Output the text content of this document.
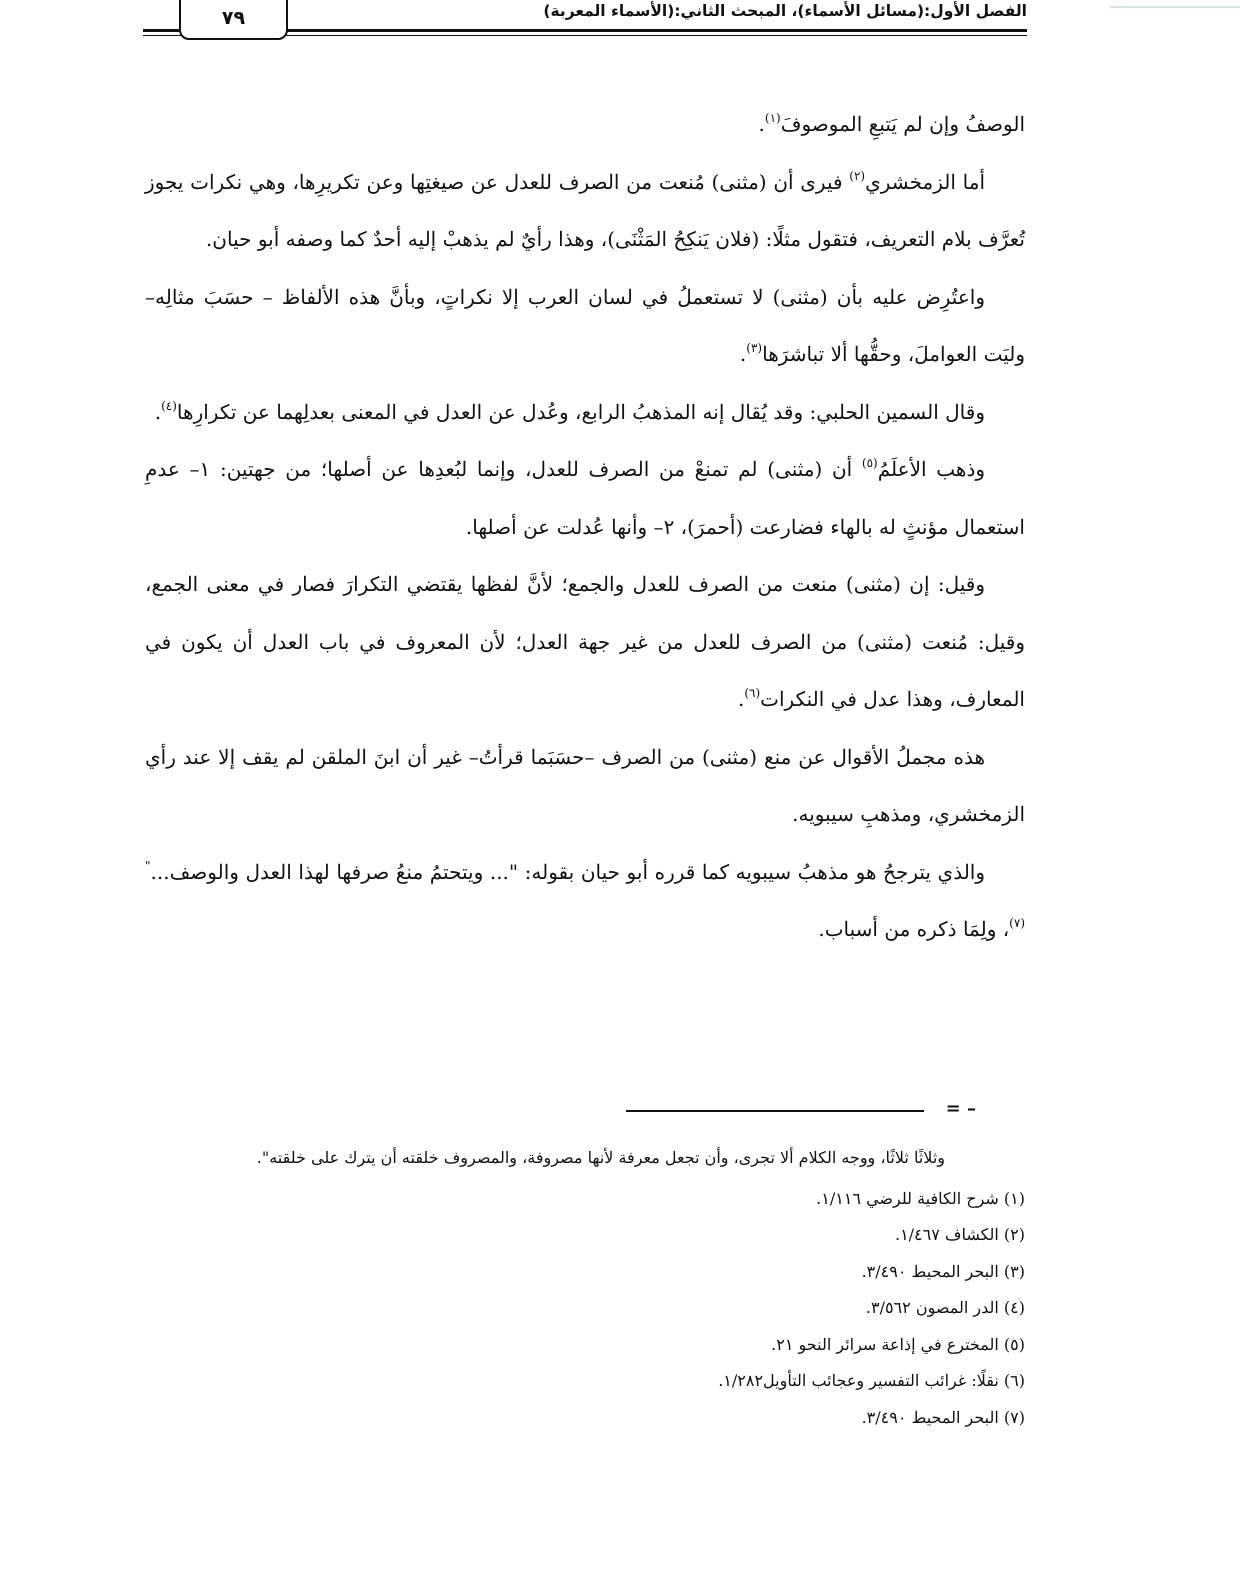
الفصل الأول:(مسائل الأسماء)، المبحث الثاني:(الأسماء المعربة)
٧٩

الوصفُ وإن لم يَتبعِ الموصوفَ$^{(١)}$.

أما الزمخشري$^{(٢)}$ فيرى أن (مثنى) مُنعت من الصرف للعدل عن صيغتِها وعن تكريرِها، وهي نكرات يجوز تُعرَّف بلام التعريف، فتقول مثلًا: (فلان يَنكِحُ المَثْنَى)، وهذا رأيٌ لم يذهبْ إليه أحدٌ كما وصفه أبو حيان.

واعتُرِض عليه بأن (مثنى) لا تستعملُ في لسان العرب إلا نكراتٍ، وبأنَّ هذه الألفاظ – حسَبَ مثالِه– وليَت العواملَ، وحقُّها ألا تباشرَها$^{(٣)}$.

وقال السمين الحلبي: وقد يُقال إنه المذهبُ الرابع، وعُدل عن العدل في المعنى بعدلِهما عن تكرارِها$^{(٤)}$.

وذهب الأعلَمُ$^{(٥)}$ أن (مثنى) لم تمنعْ من الصرف للعدل، وإنما لبُعدِها عن أصلها؛ من جهتين: ١– عدمِ استعمال مؤنثٍ له بالهاء فضارعت (أحمرَ)، ٢– وأنها عُدلت عن أصلها.

وقيل: إن (مثنى) منعت من الصرف للعدل والجمع؛ لأنَّ لفظها يقتضي التكرارَ فصار في معنى الجمع، وقيل: مُنعت (مثنى) من الصرف للعدل من غير جهة العدل؛ لأن المعروف في باب العدل أن يكون في المعارف، وهذا عدل في النكرات$^{(٦)}$.

هذه مجملُ الأقوال عن منع (مثنى) من الصرف –حسَبَما قرأتُ– غير أن ابنَ الملقن لم يقف إلا عند رأي الزمخشري، ومذهبِ سيبويه.

والذي يترجحُ هو مذهبُ سيبويه كما قرره أبو حيان بقوله: "... ويتحتمُ منعُ صرفها لهذا العدل والوصف...$^{"(٧)}$، ولِمَا ذكره من أسباب.

= –

وثلاثًا ثلاثًا، ووجه الكلام ألا تجرى، وأن تجعل معرفة لأنها مصروفة، والمصروف خلقته أن يترك على خلقته".

(١) شرح الكافية للرضي ١/١١٦.

(٢) الكشاف ١/٤٦٧.

(٣) البحر المحيط ٣/٤٩٠.

(٤) الدر المصون ٣/٥٦٢.

(٥) المخترع في إذاعة سرائر النحو ٢١.

(٦) نقلًا: غرائب التفسير وعجائب التأويل١/٢٨٢.

(٧) البحر المحيط ٣/٤٩٠.
